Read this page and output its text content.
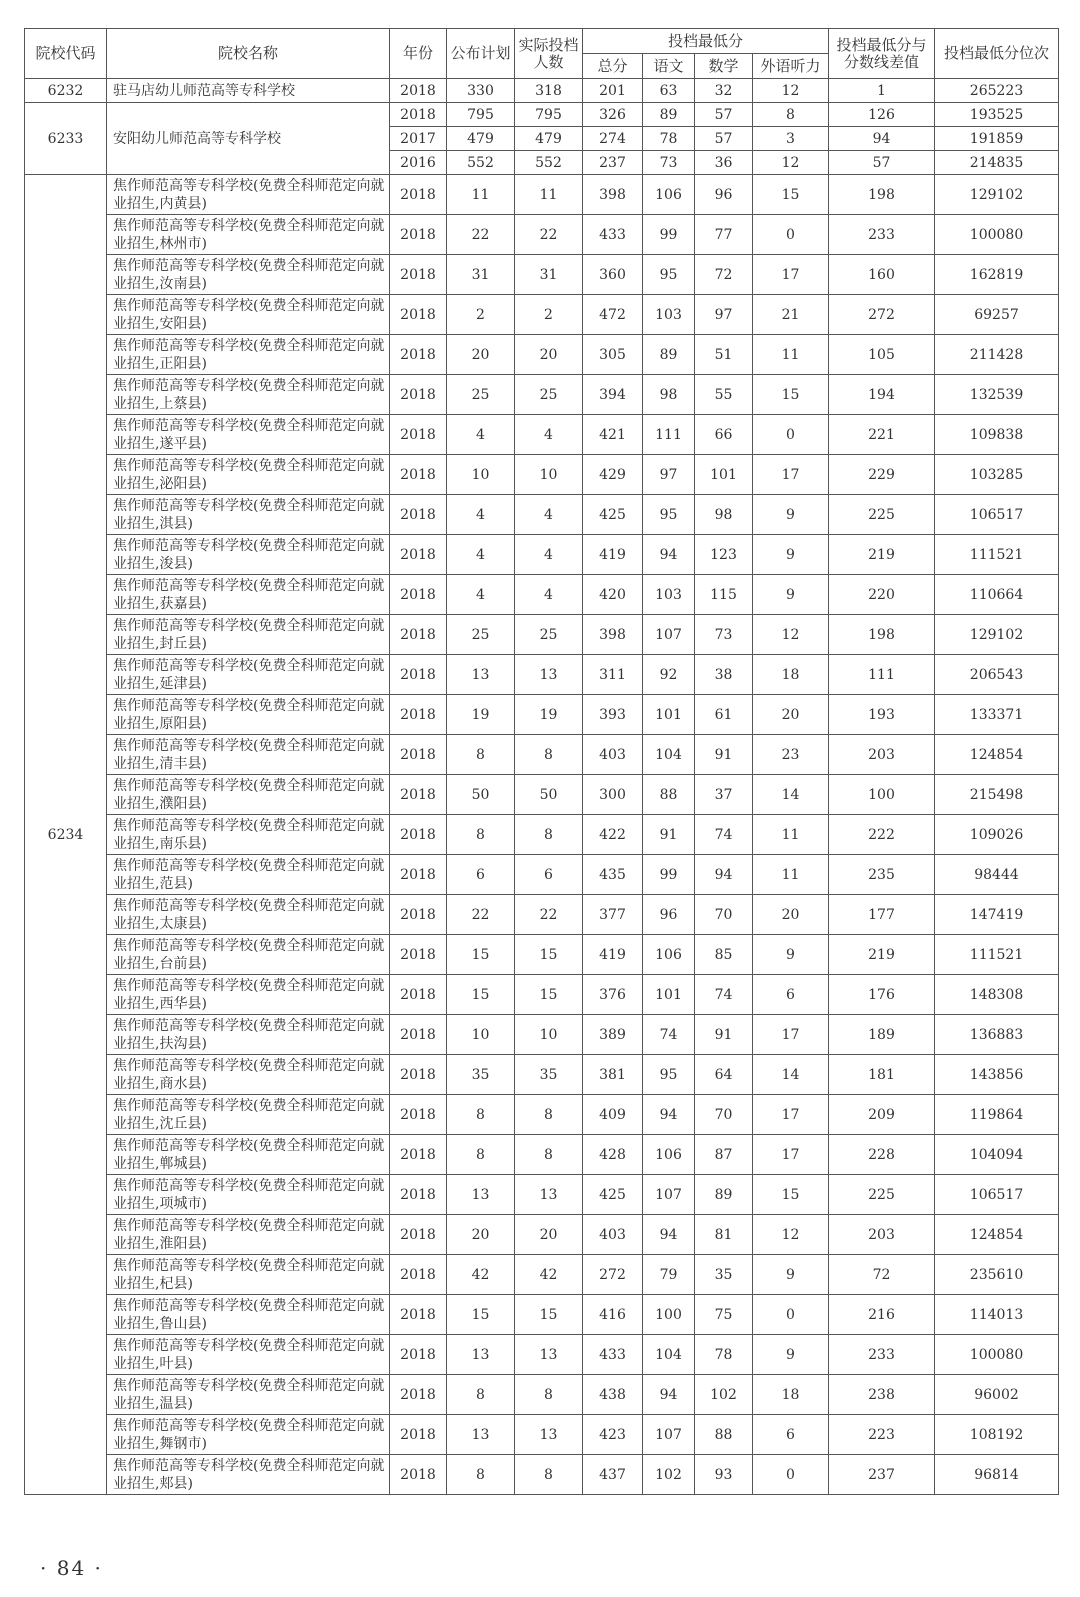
院校代码	院校名称	年份	公布计划	实际投档人数	投档最低分				投档最低分与分数线差值	投档最低分位次
					总分	语文	数学	外语听力		
6232	驻马店幼儿师范高等专科学校	2018	330	318	201	63	32	12	1	265223
6233	安阳幼儿师范高等专科学校	2018	795	795	326	89	57	8	126	193525
		2017	479	479	274	78	57	3	94	191859
		2016	552	552	237	73	36	12	57	214835
6234	焦作师范高等专科学校(免费全科师范定向就业招生,内黄县)	2018	11	11	398	106	96	15	198	129102
	焦作师范高等专科学校(免费全科师范定向就业招生,林州市)	2018	22	22	433	99	77	0	233	100080
	焦作师范高等专科学校(免费全科师范定向就业招生,汝南县)	2018	31	31	360	95	72	17	160	162819
	焦作师范高等专科学校(免费全科师范定向就业招生,安阳县)	2018	2	2	472	103	97	21	272	69257
	焦作师范高等专科学校(免费全科师范定向就业招生,正阳县)	2018	20	20	305	89	51	11	105	211428
	焦作师范高等专科学校(免费全科师范定向就业招生,上蔡县)	2018	25	25	394	98	55	15	194	132539
	焦作师范高等专科学校(免费全科师范定向就业招生,遂平县)	2018	4	4	421	111	66	0	221	109838
	焦作师范高等专科学校(免费全科师范定向就业招生,泌阳县)	2018	10	10	429	97	101	17	229	103285
	焦作师范高等专科学校(免费全科师范定向就业招生,淇县)	2018	4	4	425	95	98	9	225	106517
	焦作师范高等专科学校(免费全科师范定向就业招生,浚县)	2018	4	4	419	94	123	9	219	111521
	焦作师范高等专科学校(免费全科师范定向就业招生,获嘉县)	2018	4	4	420	103	115	9	220	110664
	焦作师范高等专科学校(免费全科师范定向就业招生,封丘县)	2018	25	25	398	107	73	12	198	129102
	焦作师范高等专科学校(免费全科师范定向就业招生,延津县)	2018	13	13	311	92	38	18	111	206543
	焦作师范高等专科学校(免费全科师范定向就业招生,原阳县)	2018	19	19	393	101	61	20	193	133371
	焦作师范高等专科学校(免费全科师范定向就业招生,清丰县)	2018	8	8	403	104	91	23	203	124854
	焦作师范高等专科学校(免费全科师范定向就业招生,濮阳县)	2018	50	50	300	88	37	14	100	215498
	焦作师范高等专科学校(免费全科师范定向就业招生,南乐县)	2018	8	8	422	91	74	11	222	109026
	焦作师范高等专科学校(免费全科师范定向就业招生,范县)	2018	6	6	435	99	94	11	235	98444
	焦作师范高等专科学校(免费全科师范定向就业招生,太康县)	2018	22	22	377	96	70	20	177	147419
	焦作师范高等专科学校(免费全科师范定向就业招生,台前县)	2018	15	15	419	106	85	9	219	111521
	焦作师范高等专科学校(免费全科师范定向就业招生,西华县)	2018	15	15	376	101	74	6	176	148308
	焦作师范高等专科学校(免费全科师范定向就业招生,扶沟县)	2018	10	10	389	74	91	17	189	136883
	焦作师范高等专科学校(免费全科师范定向就业招生,商水县)	2018	35	35	381	95	64	14	181	143856
	焦作师范高等专科学校(免费全科师范定向就业招生,沈丘县)	2018	8	8	409	94	70	17	209	119864
	焦作师范高等专科学校(免费全科师范定向就业招生,郸城县)	2018	8	8	428	106	87	17	228	104094
	焦作师范高等专科学校(免费全科师范定向就业招生,项城市)	2018	13	13	425	107	89	15	225	106517
	焦作师范高等专科学校(免费全科师范定向就业招生,淮阳县)	2018	20	20	403	94	81	12	203	124854
	焦作师范高等专科学校(免费全科师范定向就业招生,杞县)	2018	42	42	272	79	35	9	72	235610
	焦作师范高等专科学校(免费全科师范定向就业招生,鲁山县)	2018	15	15	416	100	75	0	216	114013
	焦作师范高等专科学校(免费全科师范定向就业招生,叶县)	2018	13	13	433	104	78	9	233	100080
	焦作师范高等专科学校(免费全科师范定向就业招生,温县)	2018	8	8	438	94	102	18	238	96002
	焦作师范高等专科学校(免费全科师范定向就业招生,舞钢市)	2018	13	13	423	107	88	6	223	108192
	焦作师范高等专科学校(免费全科师范定向就业招生,郏县)	2018	8	8	437	102	93	0	237	96814
· 84 ·
